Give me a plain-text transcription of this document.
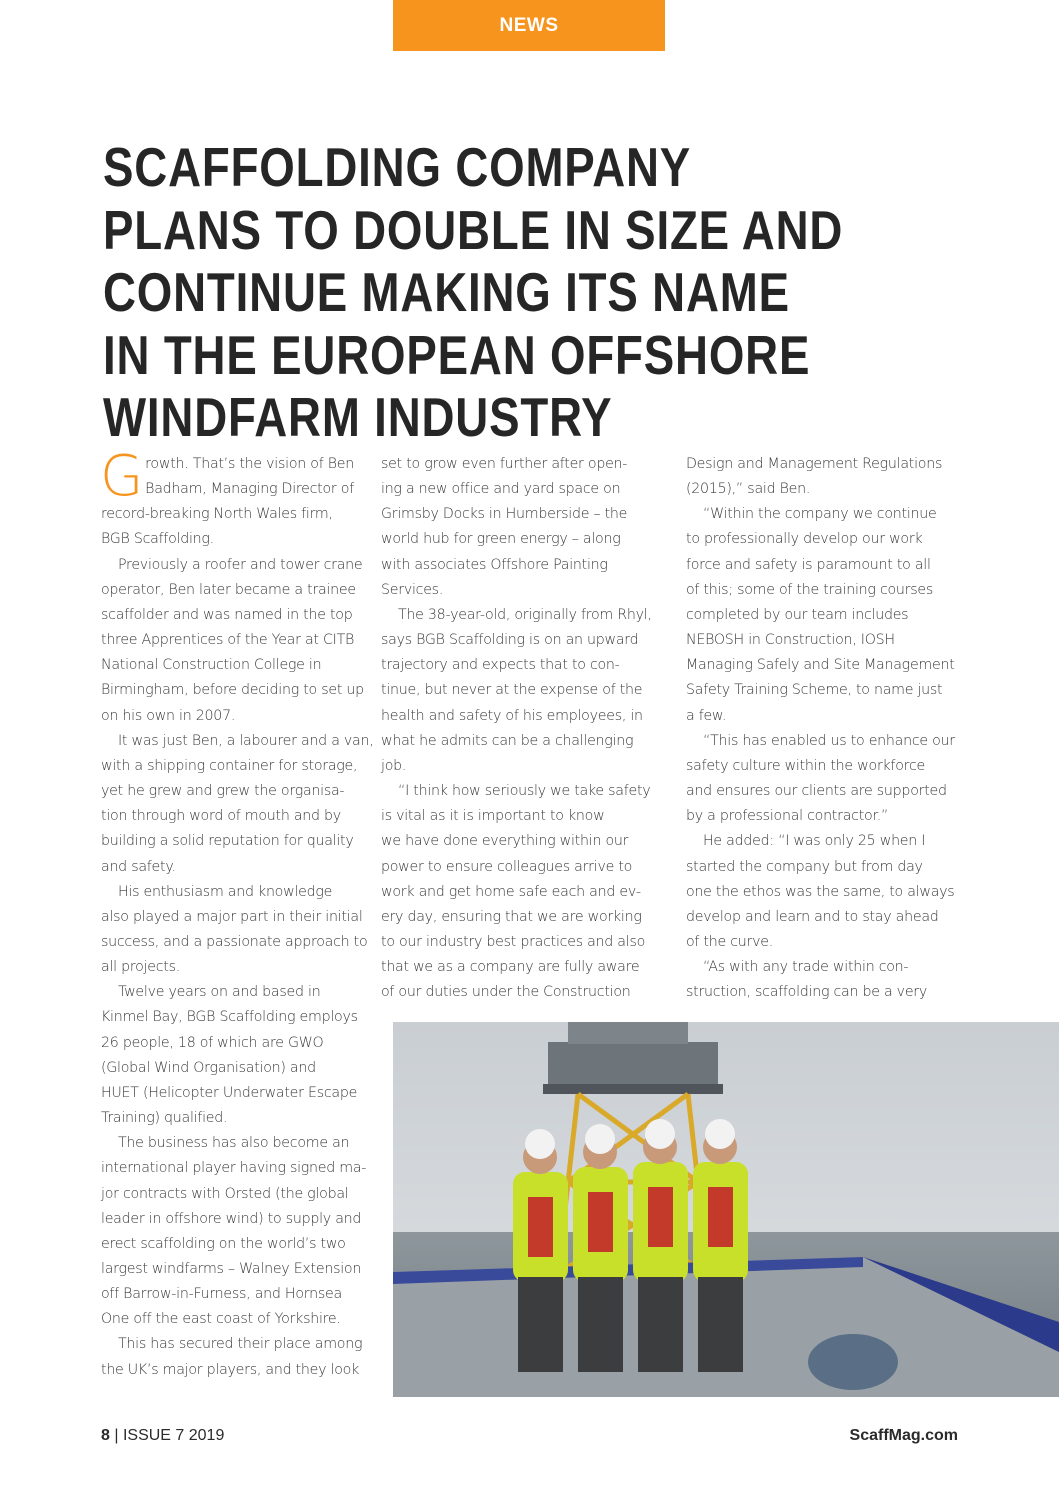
NEWS
SCAFFOLDING COMPANY
PLANS TO DOUBLE IN SIZE AND
CONTINUE MAKING ITS NAME
IN THE EUROPEAN OFFSHORE
WINDFARM INDUSTRY
G rowth. That’s the vision of Ben
Badham, Managing Director of
record-breaking North Wales firm,
BGB Scaffolding.
Previously a roofer and tower crane
operator, Ben later became a trainee
scaffolder and was named in the top
three Apprentices of the Year at CITB
National Construction College in
Birmingham, before deciding to set up
on his own in 2007.
It was just Ben, a labourer and a van,
with a shipping container for storage,
yet he grew and grew the organisa-
tion through word of mouth and by
building a solid reputation for quality
and safety.
His enthusiasm and knowledge
also played a major part in their initial
success, and a passionate approach to
all projects.
Twelve years on and based in
Kinmel Bay, BGB Scaffolding employs
26 people, 18 of which are GWO
(Global Wind Organisation) and
HUET (Helicopter Underwater Escape
Training) qualified.
The business has also become an
international player having signed ma-
jor contracts with Orsted (the global
leader in offshore wind) to supply and
erect scaffolding on the world’s two
largest windfarms – Walney Extension
off Barrow-in-Furness, and Hornsea
One off the east coast of Yorkshire.
This has secured their place among
the UK’s major players, and they look
set to grow even further after open-
ing a new office and yard space on
Grimsby Docks in Humberside – the
world hub for green energy – along
with associates Offshore Painting
Services.
The 38-year-old, originally from Rhyl,
says BGB Scaffolding is on an upward
trajectory and expects that to con-
tinue, but never at the expense of the
health and safety of his employees, in
what he admits can be a challenging
job.
“I think how seriously we take safety
is vital as it is important to know
we have done everything within our
power to ensure colleagues arrive to
work and get home safe each and ev-
ery day, ensuring that we are working
to our industry best practices and also
that we as a company are fully aware
of our duties under the Construction
Design and Management Regulations
(2015),” said Ben.
“Within the company we continue
to professionally develop our work
force and safety is paramount to all
of this; some of the training courses
completed by our team includes
NEBOSH in Construction, IOSH
Managing Safely and Site Management
Safety Training Scheme, to name just
a few.
“This has enabled us to enhance our
safety culture within the workforce
and ensures our clients are supported
by a professional contractor.”
He added: “I was only 25 when I
started the company but from day
one the ethos was the same, to always
develop and learn and to stay ahead
of the curve.
“As with any trade within con-
struction, scaffolding can be a very
8 | ISSUE 7 2019	ScaffMag.com
